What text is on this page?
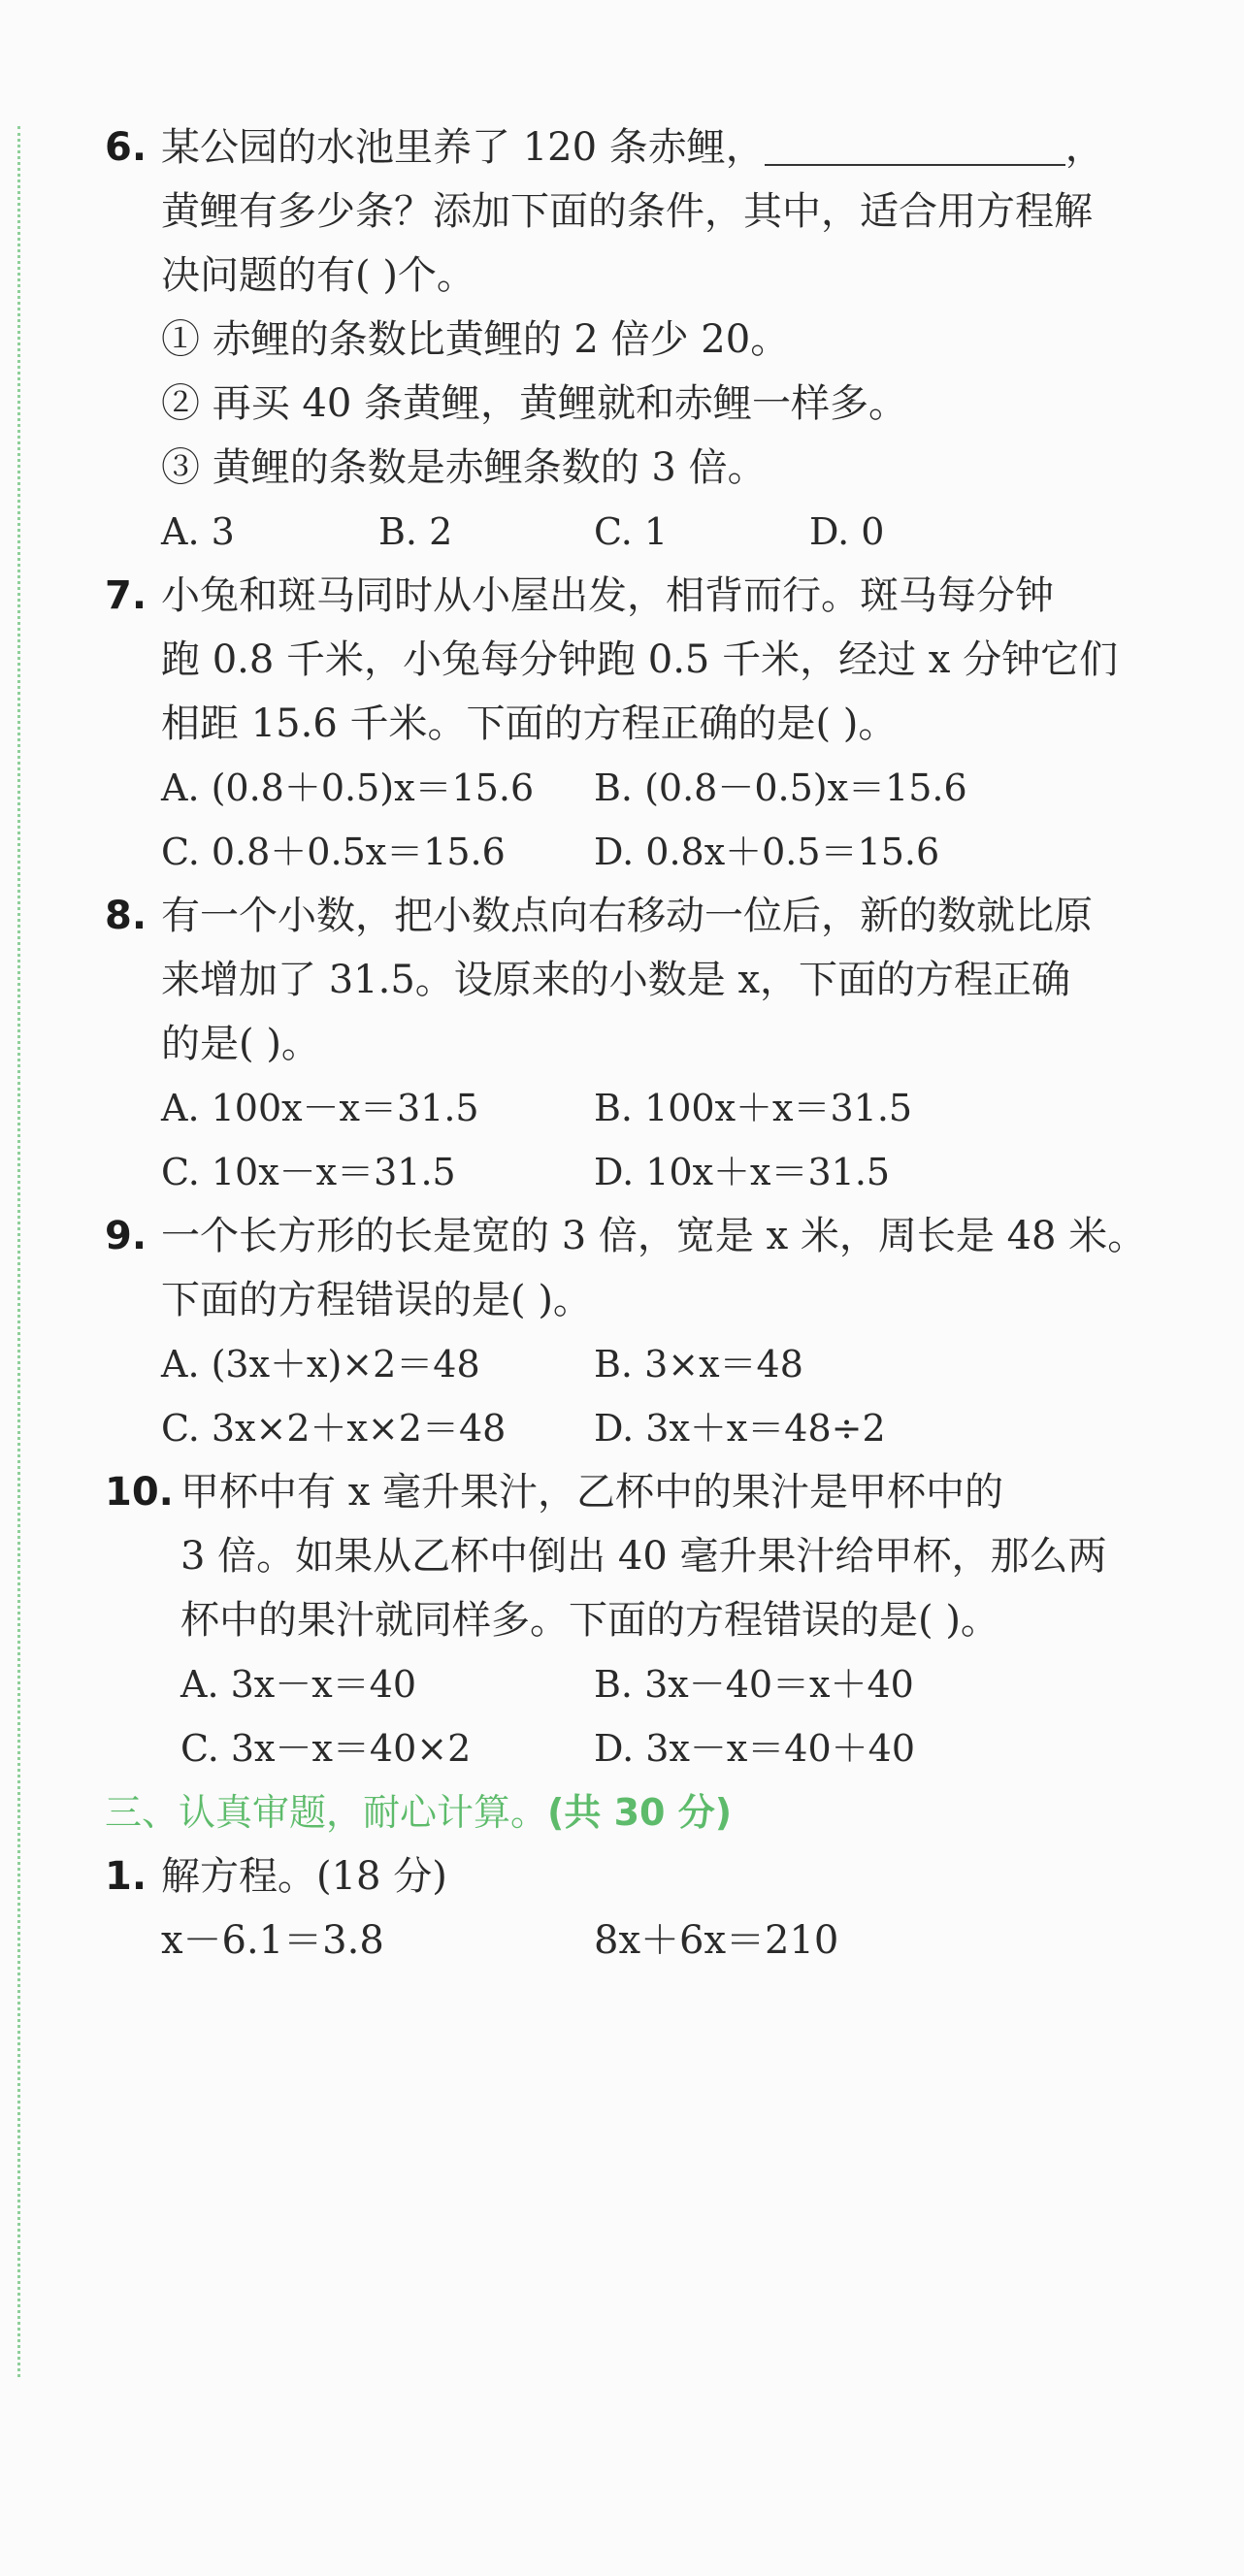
6. 某公园的水池里养了 120 条赤鲤，	，
黄鲤有多少条？添加下面的条件，其中，适合用方程解
决问题的有( )个。
① 赤鲤的条数比黄鲤的 2 倍少 20。
② 再买 40 条黄鲤，黄鲤就和赤鲤一样多。
③ 黄鲤的条数是赤鲤条数的 3 倍。
A. 3	B. 2	C. 1	D. 0
7. 小兔和斑马同时从小屋出发，相背而行。斑马每分钟
跑 0.8 千米，小兔每分钟跑 0.5 千米，经过 x 分钟它们
相距 15.6 千米。下面的方程正确的是( )。
A. (0.8＋0.5)x＝15.6 B. (0.8－0.5)x＝15.6
C. 0.8＋0.5x＝15.6 D. 0.8x＋0.5＝15.6
8. 有一个小数，把小数点向右移动一位后，新的数就比原
来增加了 31.5。设原来的小数是 x，下面的方程正确
的是( )。
A. 100x－x＝31.5	B. 100x＋x＝31.5
C. 10x－x＝31.5	D. 10x＋x＝31.5
9. 一个长方形的长是宽的 3 倍，宽是 x 米，周长是 48 米。
下面的方程错误的是( )。
A. (3x＋x)×2＝48	B. 3×x＝48
C. 3x×2＋x×2＝48 D. 3x＋x＝48÷2
10. 甲杯中有 x 毫升果汁，乙杯中的果汁是甲杯中的
3 倍。如果从乙杯中倒出 40 毫升果汁给甲杯，那么两
杯中的果汁就同样多。下面的方程错误的是( )。
A. 3x－x＝40	B. 3x－40＝x＋40
C. 3x－x＝40×2	D. 3x－x＝40＋40
三、认真审题，耐心计算。(共 30 分)
1. 解方程。(18 分)
x－6.1＝3.8	8x＋6x＝210
